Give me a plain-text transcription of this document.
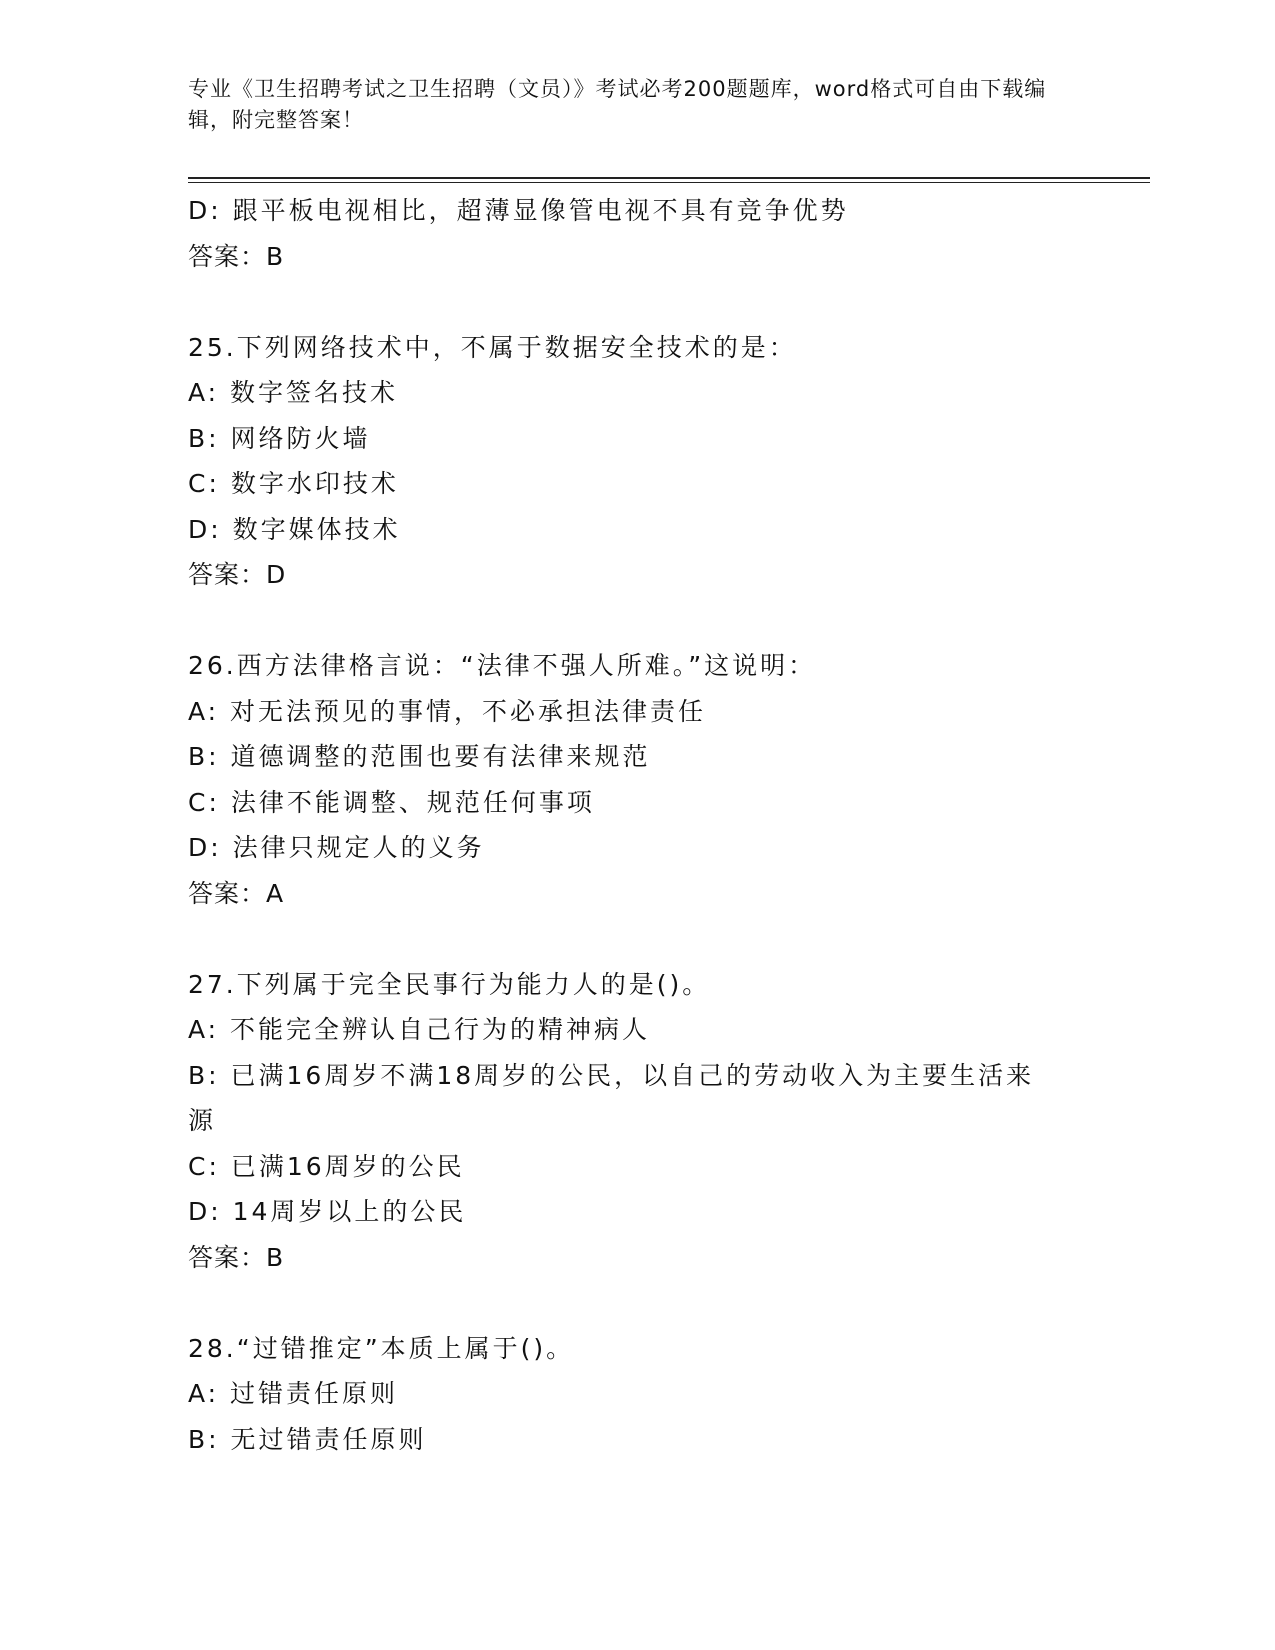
专业《卫生招聘考试之卫生招聘（文员）》考试必考200题题库，word格式可自由下载编辑，附完整答案！
D: 跟平板电视相比，超薄显像管电视不具有竞争优势
答案：B
25.下列网络技术中，不属于数据安全技术的是：
A: 数字签名技术
B: 网络防火墙
C: 数字水印技术
D: 数字媒体技术
答案：D
26.西方法律格言说：“法律不强人所难。”这说明：
A: 对无法预见的事情，不必承担法律责任
B: 道德调整的范围也要有法律来规范
C: 法律不能调整、规范任何事项
D: 法律只规定人的义务
答案：A
27.下列属于完全民事行为能力人的是()。
A: 不能完全辨认自己行为的精神病人
B: 已满16周岁不满18周岁的公民，以自己的劳动收入为主要生活来源
C: 已满16周岁的公民
D: 14周岁以上的公民
答案：B
28.“过错推定”本质上属于()。
A: 过错责任原则
B: 无过错责任原则
